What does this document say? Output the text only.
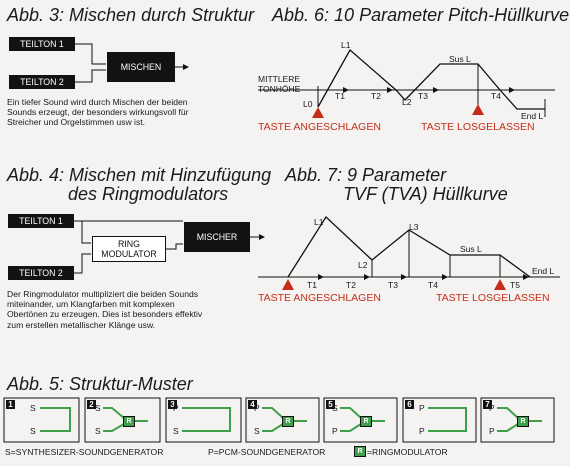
Abb. 3: Mischen durch Struktur
TEILTON 1
TEILTON 2
MISCHEN
Ein tiefer Sound wird durch Mischen der beiden
Sounds erzeugt, der besonders wirkungsvoll für
Streicher und Orgelstimmen usw ist.
Abb. 4: Mischen mit Hinzufügung
des Ringmodulators
TEILTON 1
TEILTON 2
RING
MODULATOR
MISCHER
Der Ringmodulator multipliziert die beiden Sounds
miteinander, um Klangfarben mit komplexen
Obertönen zu erzeugen. Dies ist besonders effektiv
zum erstellen metallischer Klänge usw.
Abb. 6: 10 Parameter Pitch-Hüllkurve
Abb. 7: 9 Parameter
TVF (TVA) Hüllkurve
MITTLERE
TONHÖHE
L0
L1
L2
T1	T2	T3	T4
Sus L
End L
TASTE ANGESCHLAGEN	TASTE LOSGELASSEN
L1
L2
L3
T1	T2	T3	T4	T5
Sus L
End L
TASTE ANGESCHLAGEN	TASTE LOSGELASSEN
Abb. 5: Struktur-Muster
1	2	3	4	5	6	7
S
S
S
S
P
S
P
S
S
P
P
P
P
P
R	R	R	R
S=SYNTHESIZER-SOUNDGENERATOR	P=PCM-SOUNDGENERATOR	R =RINGMODULATOR
